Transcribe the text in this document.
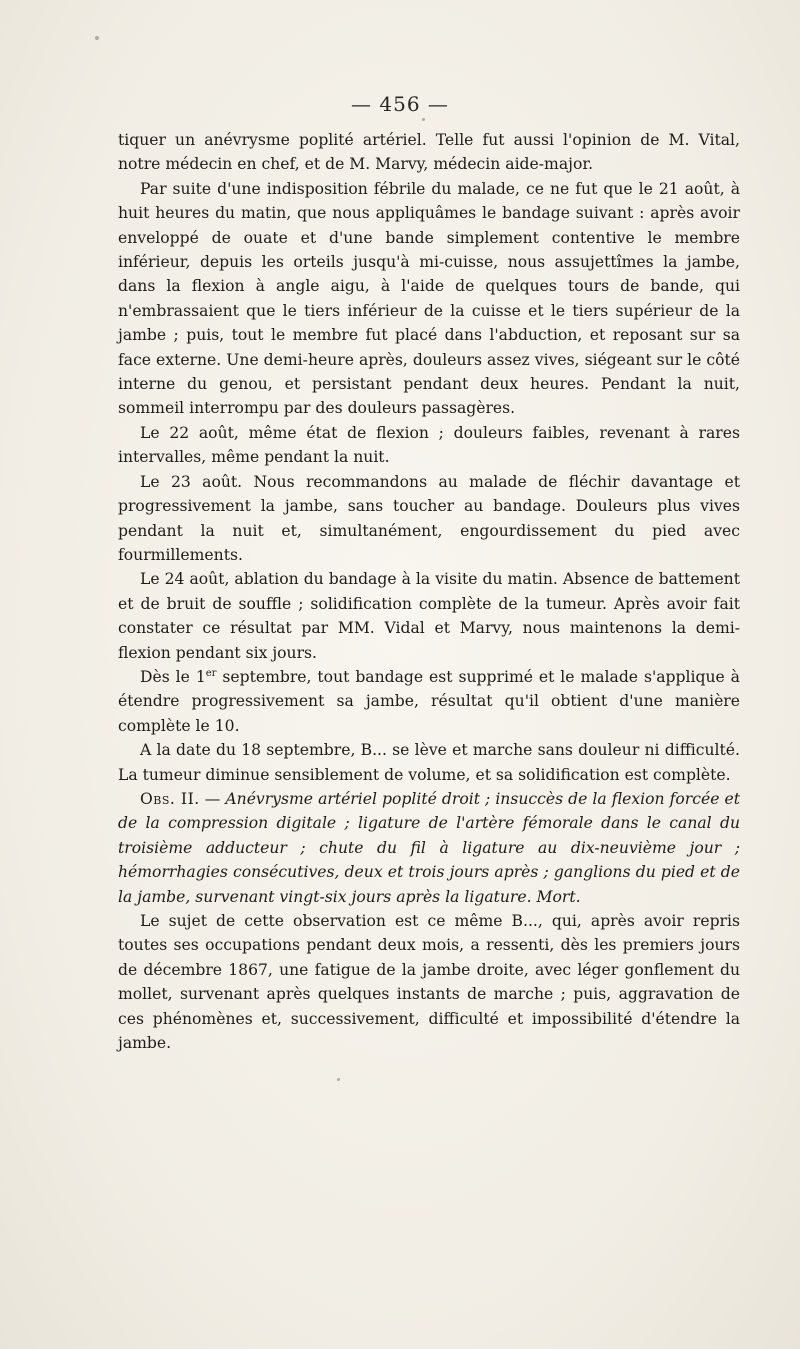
— 456 —

tiquer un anévrysme poplité artériel. Telle fut aussi l'opinion de M. Vital, notre médecin en chef, et de M. Marvy, médecin aide-major.

Par suite d'une indisposition fébrile du malade, ce ne fut que le 21 août, à huit heures du matin, que nous appliquâmes le bandage suivant : après avoir enveloppé de ouate et d'une bande simplement contentive le membre inférieur, depuis les orteils jusqu'à mi-cuisse, nous assujettîmes la jambe, dans la flexion à angle aigu, à l'aide de quelques tours de bande, qui n'embrassaient que le tiers inférieur de la cuisse et le tiers supérieur de la jambe ; puis, tout le membre fut placé dans l'abduction, et reposant sur sa face externe. Une demi-heure après, douleurs assez vives, siégeant sur le côté interne du genou, et persistant pendant deux heures. Pendant la nuit, sommeil interrompu par des douleurs passagères.

Le 22 août, même état de flexion ; douleurs faibles, revenant à rares intervalles, même pendant la nuit.

Le 23 août. Nous recommandons au malade de fléchir davantage et progressivement la jambe, sans toucher au bandage. Douleurs plus vives pendant la nuit et, simultanément, engourdissement du pied avec fourmillements.

Le 24 août, ablation du bandage à la visite du matin. Absence de battement et de bruit de souffle ; solidification complète de la tumeur. Après avoir fait constater ce résultat par MM. Vidal et Marvy, nous maintenons la demi-flexion pendant six jours.

Dès le 1er septembre, tout bandage est supprimé et le malade s'applique à étendre progressivement sa jambe, résultat qu'il obtient d'une manière complète le 10.

A la date du 18 septembre, B... se lève et marche sans douleur ni difficulté. La tumeur diminue sensiblement de volume, et sa solidification est complète.

Obs. II. — Anévrysme artériel poplité droit ; insuccès de la flexion forcée et de la compression digitale ; ligature de l'artère fémorale dans le canal du troisième adducteur ; chute du fil à ligature au dix-neuvième jour ; hémorrhagies consécutives, deux et trois jours après ; ganglions du pied et de la jambe, survenant vingt-six jours après la ligature. Mort.

Le sujet de cette observation est ce même B..., qui, après avoir repris toutes ses occupations pendant deux mois, a ressenti, dès les premiers jours de décembre 1867, une fatigue de la jambe droite, avec léger gonflement du mollet, survenant après quelques instants de marche ; puis, aggravation de ces phénomènes et, successivement, difficulté et impossibilité d'étendre la jambe.
